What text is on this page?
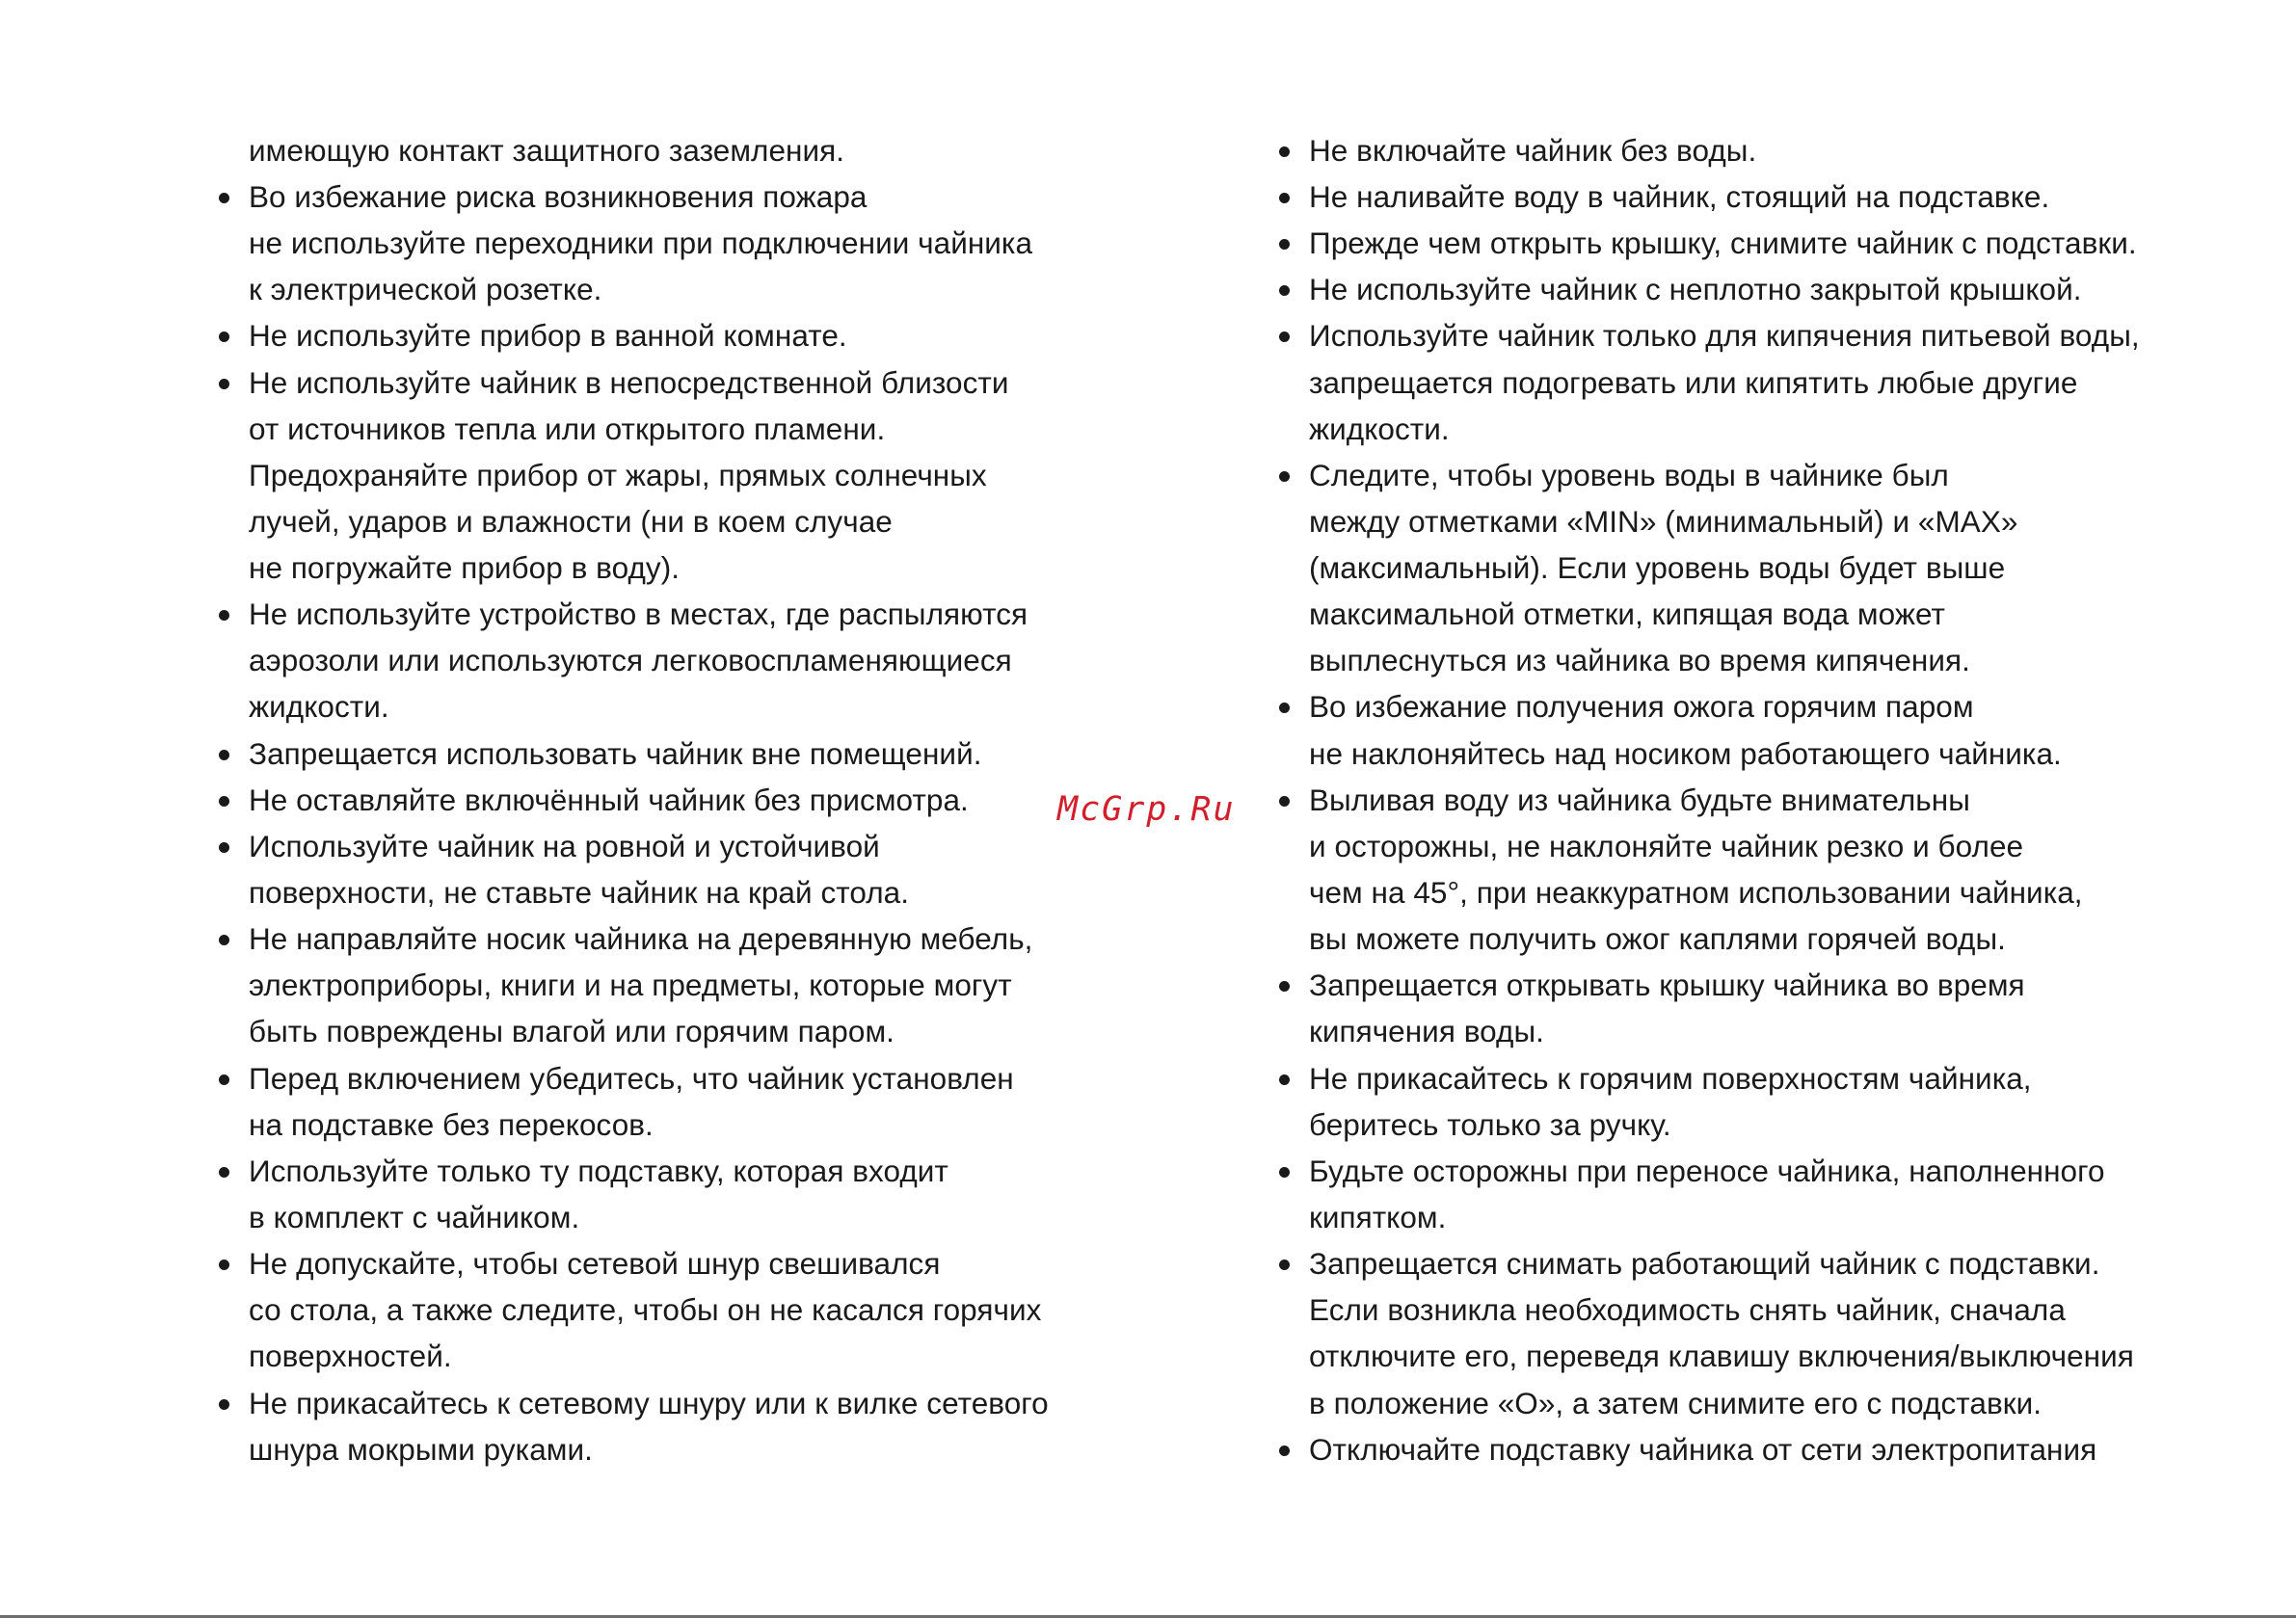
имеющую контакт защитного заземления.
Во избежание риска возникновения пожара
не используйте переходники при подключении чайника
к электрической розетке.
Не используйте прибор в ванной комнате.
Не используйте чайник в непосредственной близости
от источников тепла или открытого пламени.
Предохраняйте прибор от жары, прямых солнечных
лучей, ударов и влажности (ни в коем случае
не погружайте прибор в воду).
Не используйте устройство в местах, где распыляются
аэрозоли или используются легковоспламеняющиеся
жидкости.
Запрещается использовать чайник вне помещений.
Не оставляйте включённый чайник без присмотра.
Используйте чайник на ровной и устойчивой
поверхности, не ставьте чайник на край стола.
Не направляйте носик чайника на деревянную мебель,
электроприборы, книги и на предметы, которые могут
быть повреждены влагой или горячим паром.
Перед включением убедитесь, что чайник установлен
на подставке без перекосов.
Используйте только ту подставку, которая входит
в комплект с чайником.
Не допускайте, чтобы сетевой шнур свешивался
со стола, а также следите, чтобы он не касался горячих
поверхностей.
Не прикасайтесь к сетевому шнуру или к вилке сетевого
шнура мокрыми руками.
Не включайте чайник без воды.
Не наливайте воду в чайник, стоящий на подставке.
Прежде чем открыть крышку, снимите чайник с подставки.
Не используйте чайник с неплотно закрытой крышкой.
Используйте чайник только для кипячения питьевой воды,
запрещается подогревать или кипятить любые другие
жидкости.
Следите, чтобы уровень воды в чайнике был
между отметками «MIN» (минимальный) и «MAX»
(максимальный). Если уровень воды будет выше
максимальной отметки, кипящая вода может
выплеснуться из чайника во время кипячения.
Во избежание получения ожога горячим паром
не наклоняйтесь над носиком работающего чайника.
Выливая воду из чайника будьте внимательны
и осторожны, не наклоняйте чайник резко и более
чем на 45°, при неаккуратном использовании чайника,
вы можете получить ожог каплями горячей воды.
Запрещается открывать крышку чайника во время
кипячения воды.
Не прикасайтесь к горячим поверхностям чайника,
беритесь только за ручку.
Будьте осторожны при переносе чайника, наполненного
кипятком.
Запрещается снимать работающий чайник с подставки.
Если возникла необходимость снять чайник, сначала
отключите его, переведя клавишу включения/выключения
в положение «О», а затем снимите его с подставки.
Отключайте подставку чайника от сети электропитания
McGrp.Ru
